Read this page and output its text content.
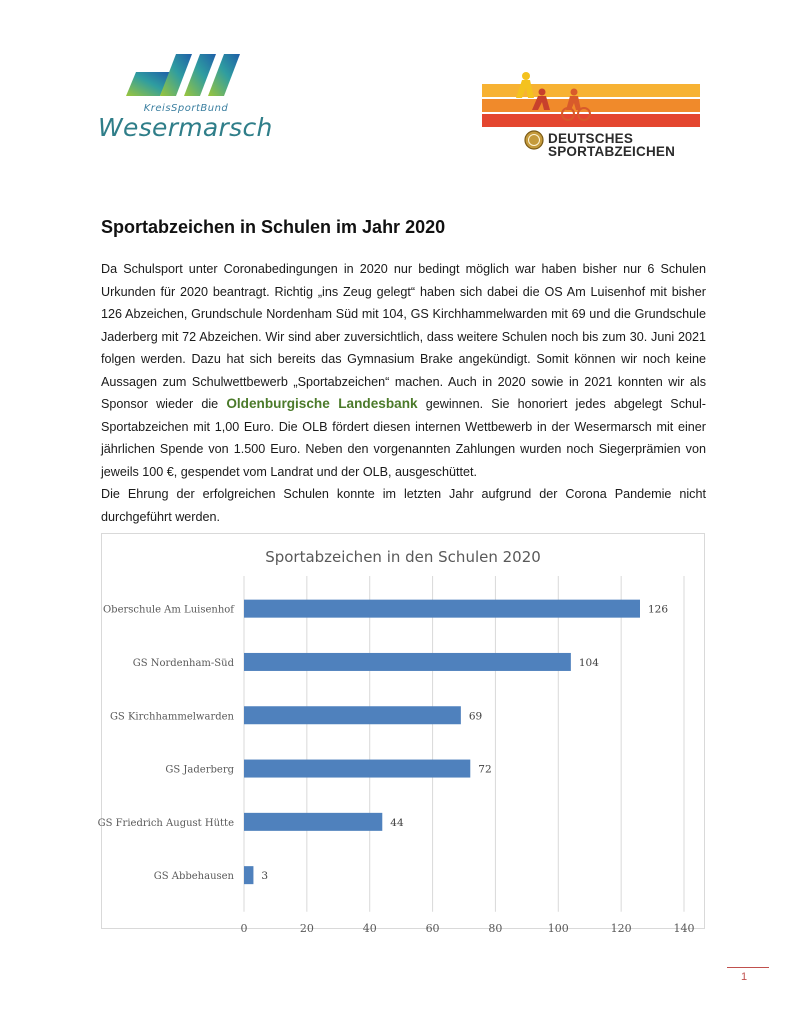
KreisSportBund
Wesermarsch	DEUTSCHES
SPORTABZEICHEN
Sportabzeichen in Schulen im Jahr 2020

Da Schulsport unter Coronabedingungen in 2020 nur bedingt möglich war haben bisher nur 6 Schulen Urkunden für 2020 beantragt. Richtig „ins Zeug gelegt“ haben sich dabei die OS Am Luisenhof mit bisher 126 Abzeichen, Grundschule Nordenham Süd mit 104, GS Kirchhammelwarden mit 69 und die Grundschule Jaderberg mit 72 Abzeichen. Wir sind aber zuversichtlich, dass weitere Schulen noch bis zum 30. Juni 2021 folgen werden. Dazu hat sich bereits das Gymnasium Brake angekündigt. Somit können wir noch keine Aussagen zum Schulwettbewerb „Sportabzeichen“ machen. Auch in 2020 sowie in 2021 konnten wir als Sponsor wieder die Oldenburgische Landesbank gewinnen. Sie honoriert jedes abgelegt Schul-Sportabzeichen mit 1,00 Euro. Die OLB fördert diesen internen Wettbewerb in der Wesermarsch mit einer jährlichen Spende von 1.500 Euro. Neben den vorgenannten Zahlungen wurden noch Siegerprämien von jeweils 100 €, gespendet vom Landrat und der OLB, ausgeschüttet.

Die Ehrung der erfolgreichen Schulen konnte im letzten Jahr aufgrund der Corona Pandemie nicht durchgeführt werden.

Sportabzeichen in den Schulen 2020
0	20	40	60	80	100	120	140
Oberschule Am Luisenhof	126
GS Nordenham-Süd	104
GS Kirchhammelwarden	69
GS Jaderberg	72
GS Friedrich August Hütte	44
GS Abbehausen	3
1
